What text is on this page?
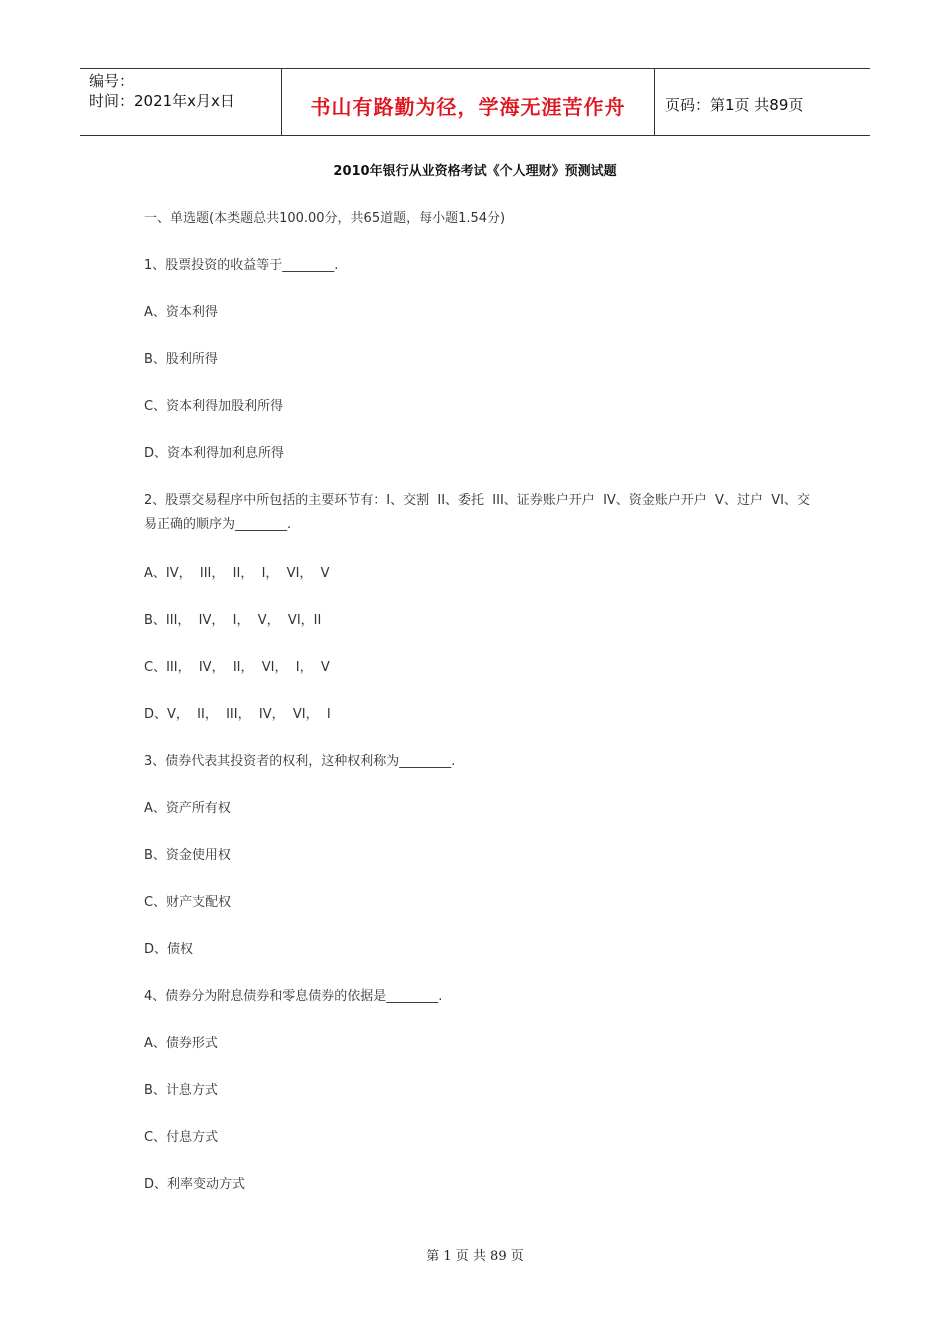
编号：
时间：2021年x月x日	书山有路勤为径，学海无涯苦作舟	页码：第1页 共89页
2010年银行从业资格考试《个人理财》预测试题
一、单选题(本类题总共100.00分，共65道题，每小题1.54分)
1、股票投资的收益等于________.
A、资本利得
B、股利所得
C、资本利得加股利所得
D、资本利得加利息所得
2、股票交易程序中所包括的主要环节有：I、交割  II、委托  III、证券账户开户  IV、资金账户开户  V、过户  VI、交易正确的顺序为________.
A、IV，  III，  II，  I，  VI，  V
B、III，  IV，  I，  V，  VI，II
C、III，  IV，  II，  VI，  I，  V
D、V，  II，  III，  IV，  VI，  I
3、债券代表其投资者的权利，这种权利称为________.
A、资产所有权
B、资金使用权
C、财产支配权
D、债权
4、债券分为附息债券和零息债券的依据是________.
A、债券形式
B、计息方式
C、付息方式
D、利率变动方式
第 1 页 共 89 页
